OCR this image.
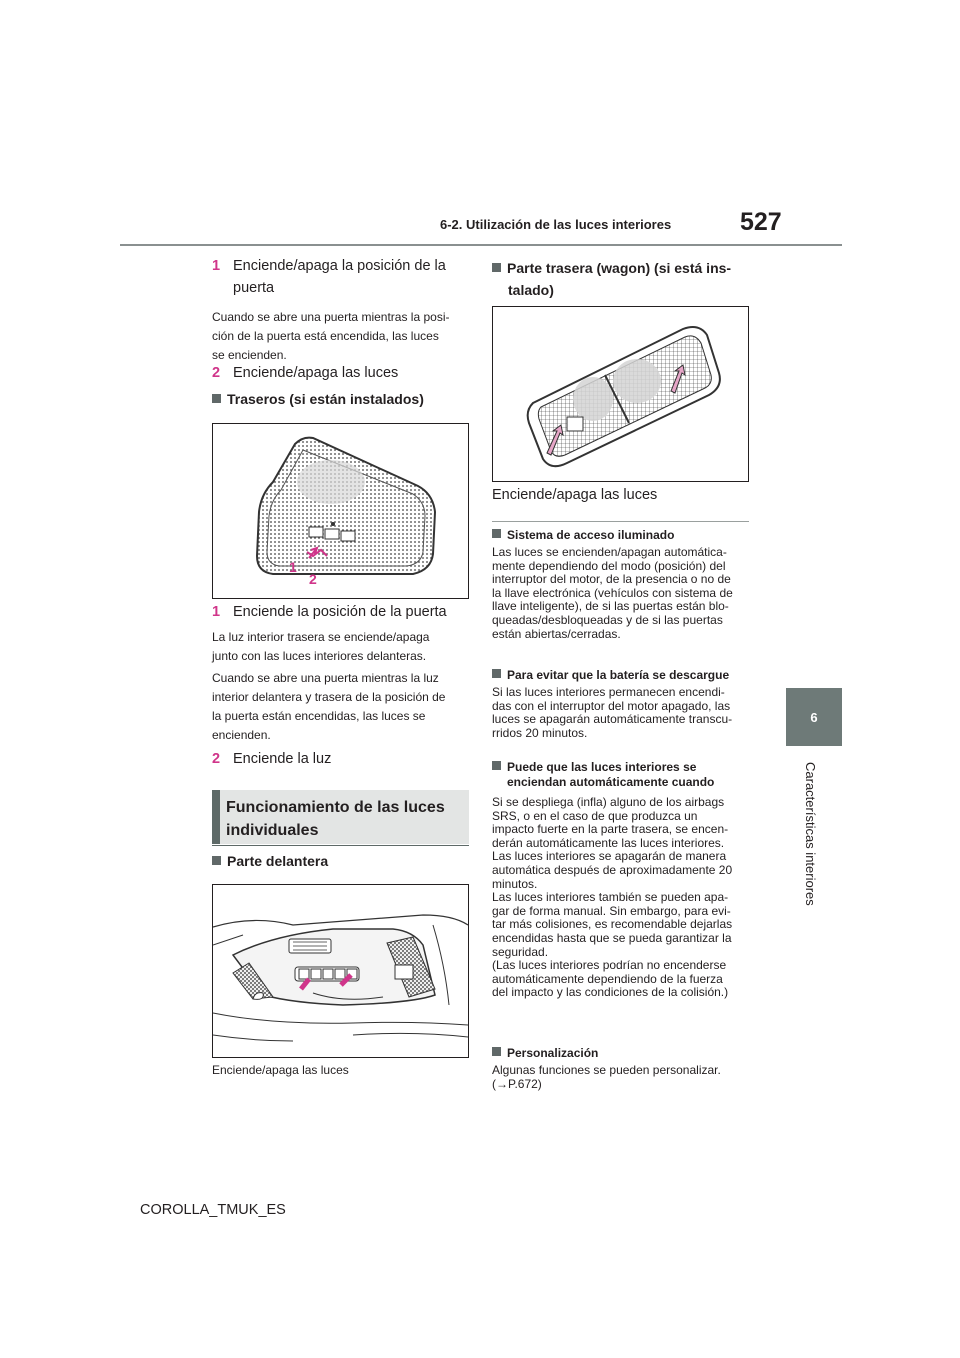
6-2. Utilización de las luces interiores	527
6
Características interiores
1 Enciende/apaga la posición de la
puerta
Cuando se abre una puerta mientras la posi-
ción de la puerta está encendida, las luces
se encienden.
2 Enciende/apaga las luces
Traseros (si están instalados)
1
2
1 Enciende la posición de la puerta
La luz interior trasera se enciende/apaga
junto con las luces interiores delanteras.
Cuando se abre una puerta mientras la luz
interior delantera y trasera de la posición de
la puerta están encendidas, las luces se
encienden.
2 Enciende la luz
Funcionamiento de las luces
individuales
Parte delantera
Enciende/apaga las luces
Parte trasera (wagon) (si está ins-
talado)
Enciende/apaga las luces
Sistema de acceso iluminado
Las luces se encienden/apagan automática-
mente dependiendo del modo (posición) del
interruptor del motor, de la presencia o no de
la llave electrónica (vehículos con sistema de
llave inteligente), de si las puertas están blo-
queadas/desbloqueadas y de si las puertas
están abiertas/cerradas.
Para evitar que la batería se descargue
Si las luces interiores permanecen encendi-
das con el interruptor del motor apagado, las
luces se apagarán automáticamente transcu-
rridos 20 minutos.
Puede que las luces interiores se
enciendan automáticamente cuando
Si se despliega (infla) alguno de los airbags
SRS, o en el caso de que produzca un
impacto fuerte en la parte trasera, se encen-
derán automáticamente las luces interiores.
Las luces interiores se apagarán de manera
automática después de aproximadamente 20
minutos.
Las luces interiores también se pueden apa-
gar de forma manual. Sin embargo, para evi-
tar más colisiones, es recomendable dejarlas
encendidas hasta que se pueda garantizar la
seguridad.
(Las luces interiores podrían no encenderse
automáticamente dependiendo de la fuerza
del impacto y las condiciones de la colisión.)
Personalización
Algunas funciones se pueden personalizar.
(→P.672)
COROLLA_TMUK_ES
